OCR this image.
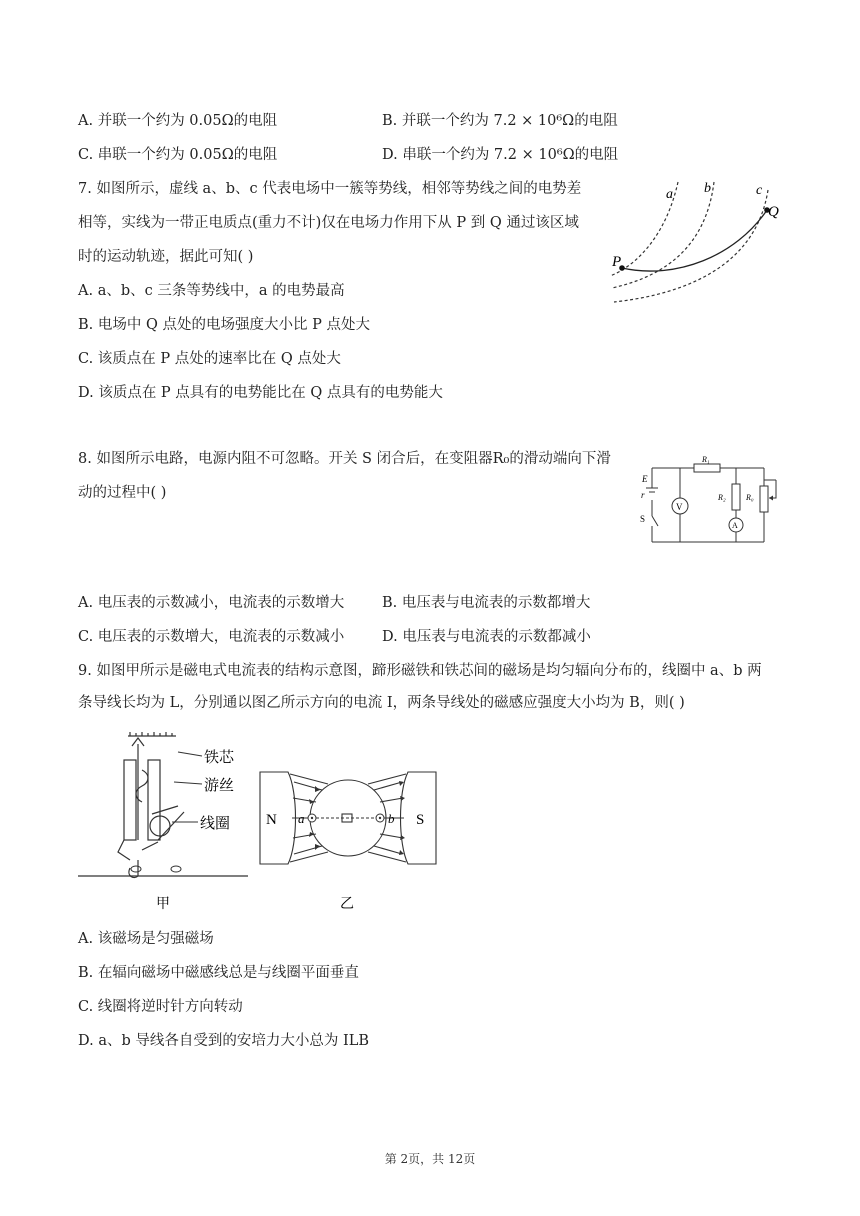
A. 并联一个约为 0.05Ω的电阻	B. 并联一个约为 7.2 × 10⁶Ω的电阻
C. 串联一个约为 0.05Ω的电阻	D. 串联一个约为 7.2 × 10⁶Ω的电阻
7. 如图所示，虚线 a、b、c 代表电场中一簇等势线，相邻等势线之间的电势差
相等，实线为一带正电质点(重力不计)仅在电场力作用下从 P 到 Q 通过该区域
时的运动轨迹，据此可知( )
A. a、b、c 三条等势线中，a 的电势最高
B. 电场中 Q 点处的电场强度大小比 P 点处大
C. 该质点在 P 点处的速率比在 Q 点处大
D. 该质点在 P 点具有的电势能比在 Q 点具有的电势能大
a b	c
P
Q
8. 如图所示电路，电源内阻不可忽略。开关 S 闭合后，在变阻器R₀的滑动端向下滑
动的过程中( )
R₁
E
r
S
V
R₂	R₀
A
A. 电压表的示数减小，电流表的示数增大	B. 电压表与电流表的示数都增大
C. 电压表的示数增大，电流表的示数减小	D. 电压表与电流表的示数都减小
9. 如图甲所示是磁电式电流表的结构示意图，蹄形磁铁和铁芯间的磁场是均匀辐向分布的，线圈中 a、b 两
条导线长均为 L，分别通以图乙所示方向的电流 I，两条导线处的磁感应强度大小均为 B，则( )
铁芯
游丝
线圈
甲
N	S
a	b
乙
A. 该磁场是匀强磁场
B. 在辐向磁场中磁感线总是与线圈平面垂直
C. 线圈将逆时针方向转动
D. a、b 导线各自受到的安培力大小总为 ILB
第 2页，共 12页
